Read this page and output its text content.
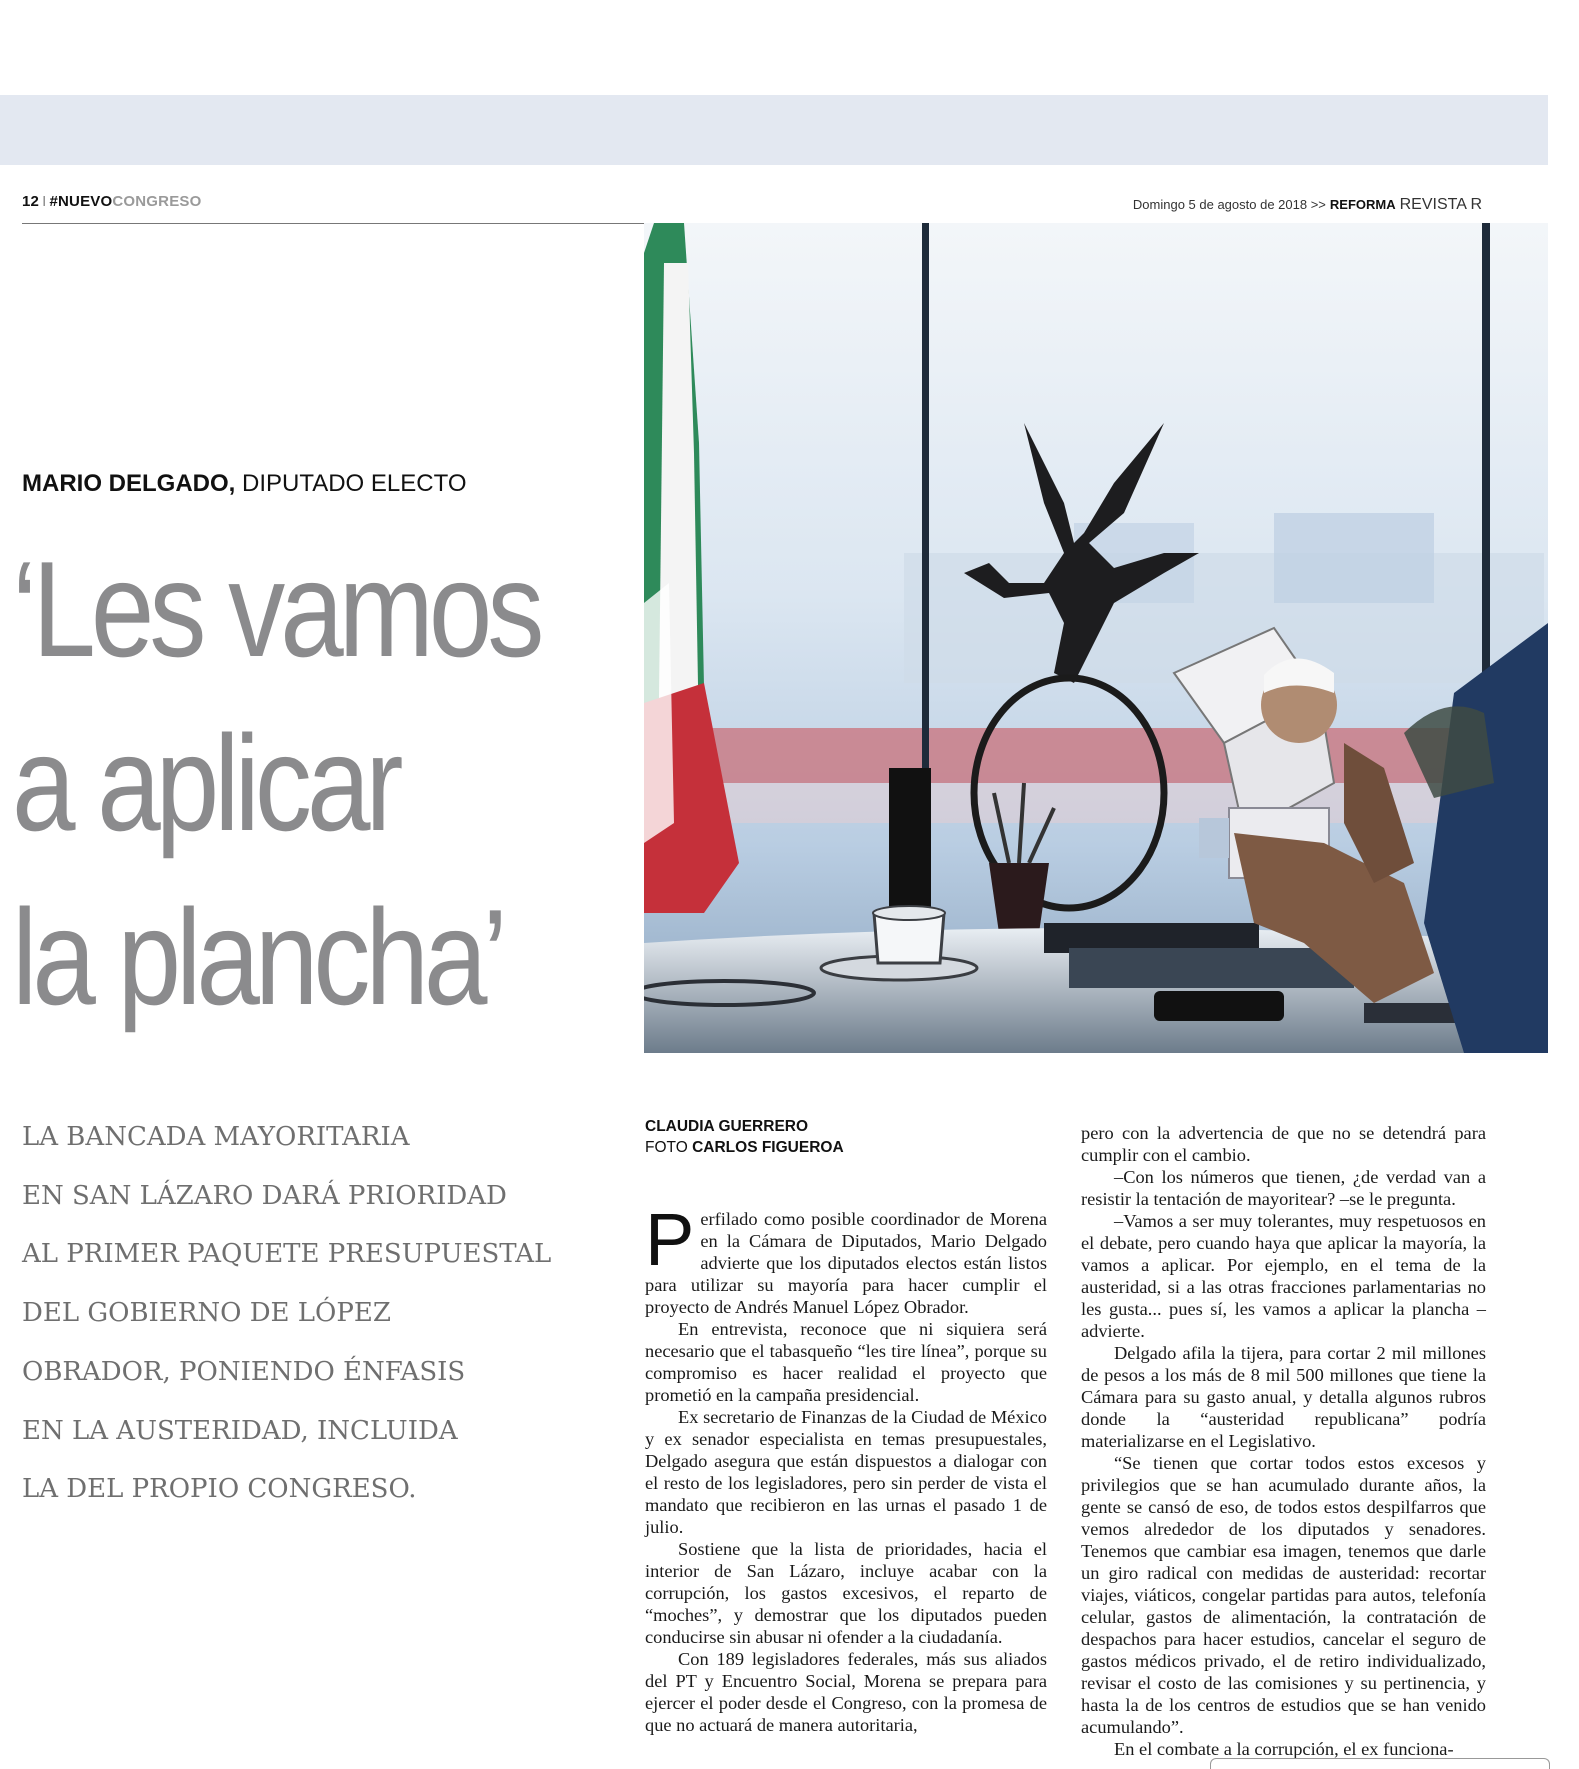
12 I #NUEVOCONGRESO	Domingo 5 de agosto de 2018 >> REFORMA REVISTA R
MARIO DELGADO, DIPUTADO ELECTO
‘Les vamos
a aplicar
la plancha’
LA BANCADA MAYORITARIA
EN SAN LÁZARO DARÁ PRIORIDAD
AL PRIMER PAQUETE PRESUPUESTAL
DEL GOBIERNO DE LÓPEZ
OBRADOR, PONIENDO ÉNFASIS
EN LA AUSTERIDAD, INCLUIDA
LA DEL PROPIO CONGRESO.
CLAUDIA GUERRERO
FOTO CARLOS FIGUEROA

Perfilado como posible coordinador de Morena en la Cámara de Diputados, Mario Delgado advierte que los diputados electos están listos para utilizar su mayoría para hacer cumplir el proyecto de Andrés Manuel López Obrador.

En entrevista, reconoce que ni siquiera será necesario que el tabasqueño “les tire línea”, porque su compromiso es hacer realidad el proyecto que prometió en la campaña presidencial.

Ex secretario de Finanzas de la Ciudad de México y ex senador especialista en temas presupuestales, Delgado asegura que están dispuestos a dialogar con el resto de los legisladores, pero sin perder de vista el mandato que recibieron en las urnas el pasado 1 de julio.

Sostiene que la lista de prioridades, hacia el interior de San Lázaro, incluye acabar con la corrupción, los gastos excesivos, el reparto de “moches”, y demostrar que los diputados pueden conducirse sin abusar ni ofender a la ciudadanía.

Con 189 legisladores federales, más sus aliados del PT y Encuentro Social, Morena se prepara para ejercer el poder desde el Congreso, con la promesa de que no actuará de manera autoritaria,

pero con la advertencia de que no se detendrá para cumplir con el cambio.

–Con los números que tienen, ¿de verdad van a resistir la tentación de mayoritear? –se le pregunta.

–Vamos a ser muy tolerantes, muy respetuosos en el debate, pero cuando haya que aplicar la mayoría, la vamos a aplicar. Por ejemplo, en el tema de la austeridad, si a las otras fracciones parlamentarias no les gusta... pues sí, les vamos a aplicar la plancha –advierte.

Delgado afila la tijera, para cortar 2 mil millones de pesos a los más de 8 mil 500 millones que tiene la Cámara para su gasto anual, y detalla algunos rubros donde la “austeridad republicana” podría materializarse en el Legislativo.

“Se tienen que cortar todos estos excesos y privilegios que se han acumulado durante años, la gente se cansó de eso, de todos estos despilfarros que vemos alrededor de los diputados y senadores. Tenemos que cambiar esa imagen, tenemos que darle un giro radical con medidas de austeridad: recortar viajes, viáticos, congelar partidas para autos, telefonía celular, gastos de alimentación, la contratación de despachos para hacer estudios, cancelar el seguro de gastos médicos privado, el de retiro individualizado, revisar el costo de las comisiones y su pertinencia, y hasta la de los centros de estudios que se han venido acumulando”.

En el combate a la corrupción, el ex funciona-
